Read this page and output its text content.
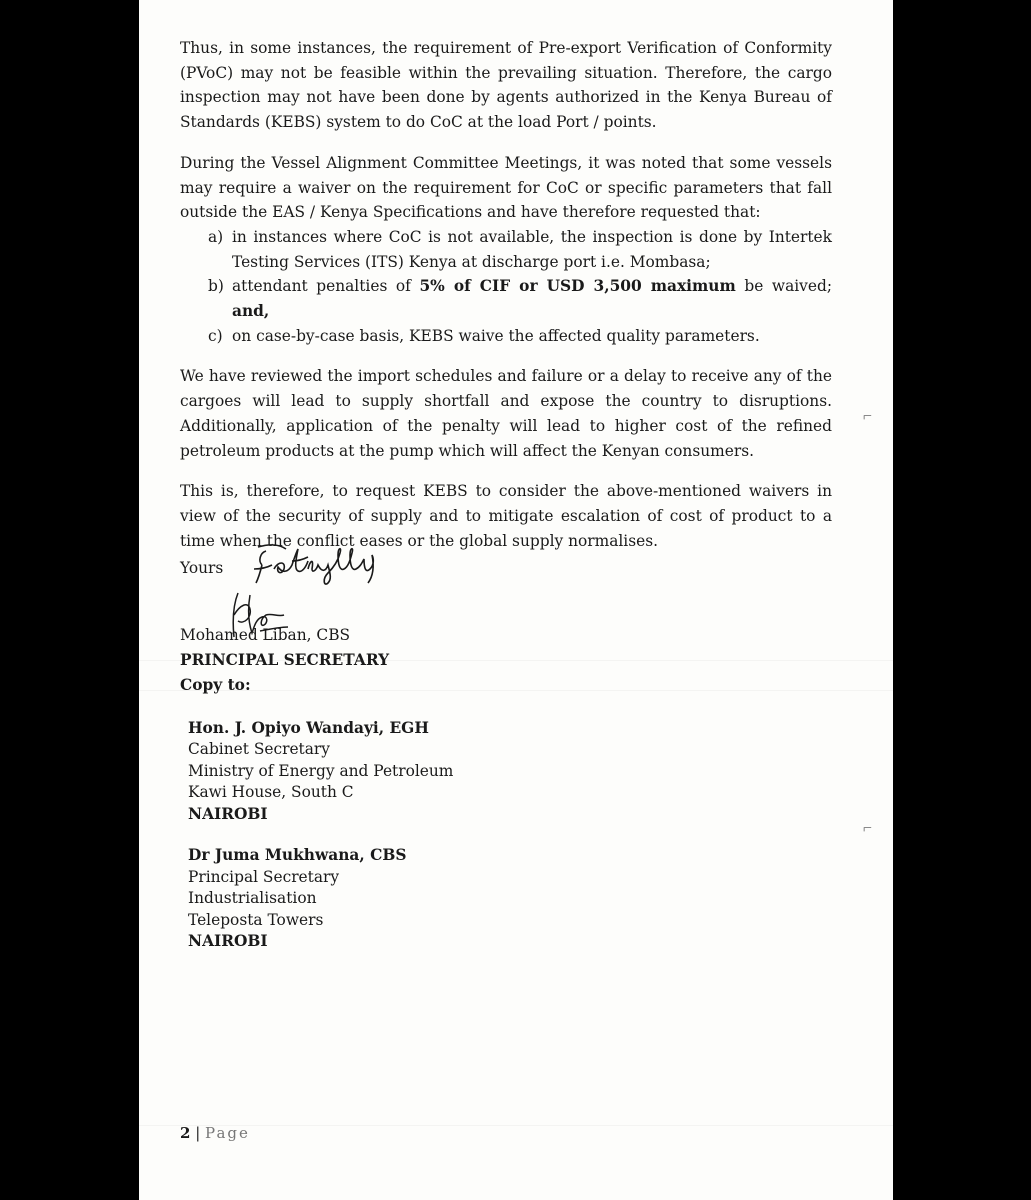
⌐
⌐

Thus, in some instances, the requirement of Pre-export Verification of Conformity (PVoC) may not be feasible within the prevailing situation. Therefore, the cargo inspection may not have been done by agents authorized in the Kenya Bureau of Standards (KEBS) system to do CoC at the load Port / points.

During the Vessel Alignment Committee Meetings, it was noted that some vessels may require a waiver on the requirement for CoC or specific parameters that fall outside the EAS / Kenya Specifications and have therefore requested that:

a) in instances where CoC is not available, the inspection is done by Intertek Testing Services (ITS) Kenya at discharge port i.e. Mombasa;
b) attendant penalties of 5% of CIF or USD 3,500 maximum be waived; and,
c) on case-by-case basis, KEBS waive the affected quality parameters.

We have reviewed the import schedules and failure or a delay to receive any of the cargoes will lead to supply shortfall and expose the country to disruptions. Additionally, application of the penalty will lead to higher cost of the refined petroleum products at the pump which will affect the Kenyan consumers.

This is, therefore, to request KEBS to consider the above-mentioned waivers in view of the security of supply and to mitigate escalation of cost of product to a time when the conflict eases or the global supply normalises.

Yours
Mohamed Liban, CBS

PRINCIPAL SECRETARY

Copy to:

Hon. J. Opiyo Wandayi, EGH
Cabinet Secretary
Ministry of Energy and Petroleum
Kawi House, South C
NAIROBI
Dr Juma Mukhwana, CBS
Principal Secretary
Industrialisation
Teleposta Towers
NAIROBI
2 | Page
